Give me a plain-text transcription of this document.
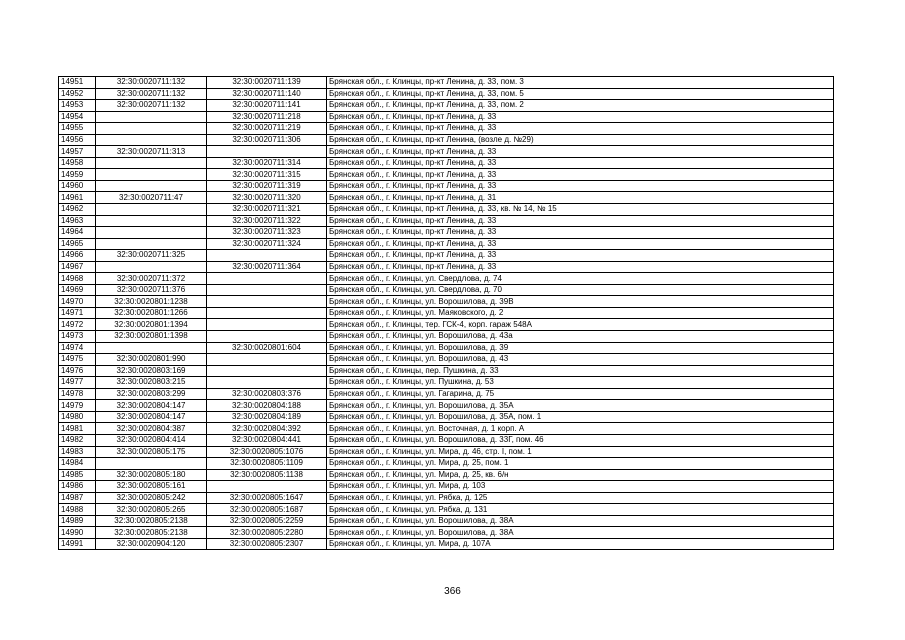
14951	32:30:0020711:132	32:30:0020711:139	Брянская обл., г. Клинцы, пр-кт Ленина, д. 33, пом. 3
14952	32:30:0020711:132	32:30:0020711:140	Брянская обл., г. Клинцы, пр-кт Ленина, д. 33, пом. 5
14953	32:30:0020711:132	32:30:0020711:141	Брянская обл., г. Клинцы, пр-кт Ленина, д. 33, пом. 2
14954		32:30:0020711:218	Брянская обл., г. Клинцы, пр-кт Ленина, д. 33
14955		32:30:0020711:219	Брянская обл., г. Клинцы, пр-кт Ленина, д. 33
14956		32:30:0020711:306	Брянская обл., г. Клинцы, пр-кт Ленина, (возле д. №29)
14957	32:30:0020711:313		Брянская обл., г. Клинцы, пр-кт Ленина, д. 33
14958		32:30:0020711:314	Брянская обл., г. Клинцы, пр-кт Ленина, д. 33
14959		32:30:0020711:315	Брянская обл., г. Клинцы, пр-кт Ленина, д. 33
14960		32:30:0020711:319	Брянская обл., г. Клинцы, пр-кт Ленина, д. 33
14961	32:30:0020711:47	32:30:0020711:320	Брянская обл., г. Клинцы, пр-кт Ленина, д. 31
14962		32:30:0020711:321	Брянская обл., г. Клинцы, пр-кт Ленина, д. 33, кв. № 14, № 15
14963		32:30:0020711:322	Брянская обл., г. Клинцы, пр-кт Ленина, д. 33
14964		32:30:0020711:323	Брянская обл., г. Клинцы, пр-кт Ленина, д. 33
14965		32:30:0020711:324	Брянская обл., г. Клинцы, пр-кт Ленина, д. 33
14966	32:30:0020711:325		Брянская обл., г. Клинцы, пр-кт Ленина, д. 33
14967		32:30:0020711:364	Брянская обл., г. Клинцы, пр-кт Ленина, д. 33
14968	32:30:0020711:372		Брянская обл., г. Клинцы, ул. Свердлова, д. 74
14969	32:30:0020711:376		Брянская обл., г. Клинцы, ул. Свердлова, д. 70
14970	32:30:0020801:1238		Брянская обл., г. Клинцы, ул. Ворошилова, д. 39В
14971	32:30:0020801:1266		Брянская обл., г. Клинцы, ул. Маяковского, д. 2
14972	32:30:0020801:1394		Брянская обл., г. Клинцы, тер. ГСК-4, корп. гараж 548А
14973	32:30:0020801:1398		Брянская обл., г. Клинцы, ул. Ворошилова, д. 43а
14974		32:30:0020801:604	Брянская обл., г. Клинцы, ул. Ворошилова, д. 39
14975	32:30:0020801:990		Брянская обл., г. Клинцы, ул. Ворошилова, д. 43
14976	32:30:0020803:169		Брянская обл., г. Клинцы, пер. Пушкина, д. 33
14977	32:30:0020803:215		Брянская обл., г. Клинцы, ул. Пушкина, д. 53
14978	32:30:0020803:299	32:30:0020803:376	Брянская обл., г. Клинцы, ул. Гагарина, д. 75
14979	32:30:0020804:147	32:30:0020804:188	Брянская обл., г. Клинцы, ул. Ворошилова, д. 35А
14980	32:30:0020804:147	32:30:0020804:189	Брянская обл., г. Клинцы, ул. Ворошилова, д. 35А, пом. 1
14981	32:30:0020804:387	32:30:0020804:392	Брянская обл., г. Клинцы, ул. Восточная, д. 1 корп. А
14982	32:30:0020804:414	32:30:0020804:441	Брянская обл., г. Клинцы, ул. Ворошилова, д. 33Г, пом. 46
14983	32:30:0020805:175	32:30:0020805:1076	Брянская обл., г. Клинцы, ул. Мира, д. 46, стр. I, пом. 1
14984		32:30:0020805:1109	Брянская обл., г. Клинцы, ул. Мира, д. 25, пом. 1
14985	32:30:0020805:180	32:30:0020805:1138	Брянская обл., г. Клинцы, ул. Мира, д. 25, кв. 6/н
14986	32:30:0020805:161		Брянская обл., г. Клинцы, ул. Мира, д. 103
14987	32:30:0020805:242	32:30:0020805:1647	Брянская обл., г. Клинцы, ул. Рябка, д. 125
14988	32:30:0020805:265	32:30:0020805:1687	Брянская обл., г. Клинцы, ул. Рябка, д. 131
14989	32:30:0020805:2138	32:30:0020805:2259	Брянская обл., г. Клинцы, ул. Ворошилова, д. 38А
14990	32:30:0020805:2138	32:30:0020805:2280	Брянская обл., г. Клинцы, ул. Ворошилова, д. 38А
14991	32:30:0020904:120	32:30:0020805:2307	Брянская обл., г. Клинцы, ул. Мира, д. 107А
366
